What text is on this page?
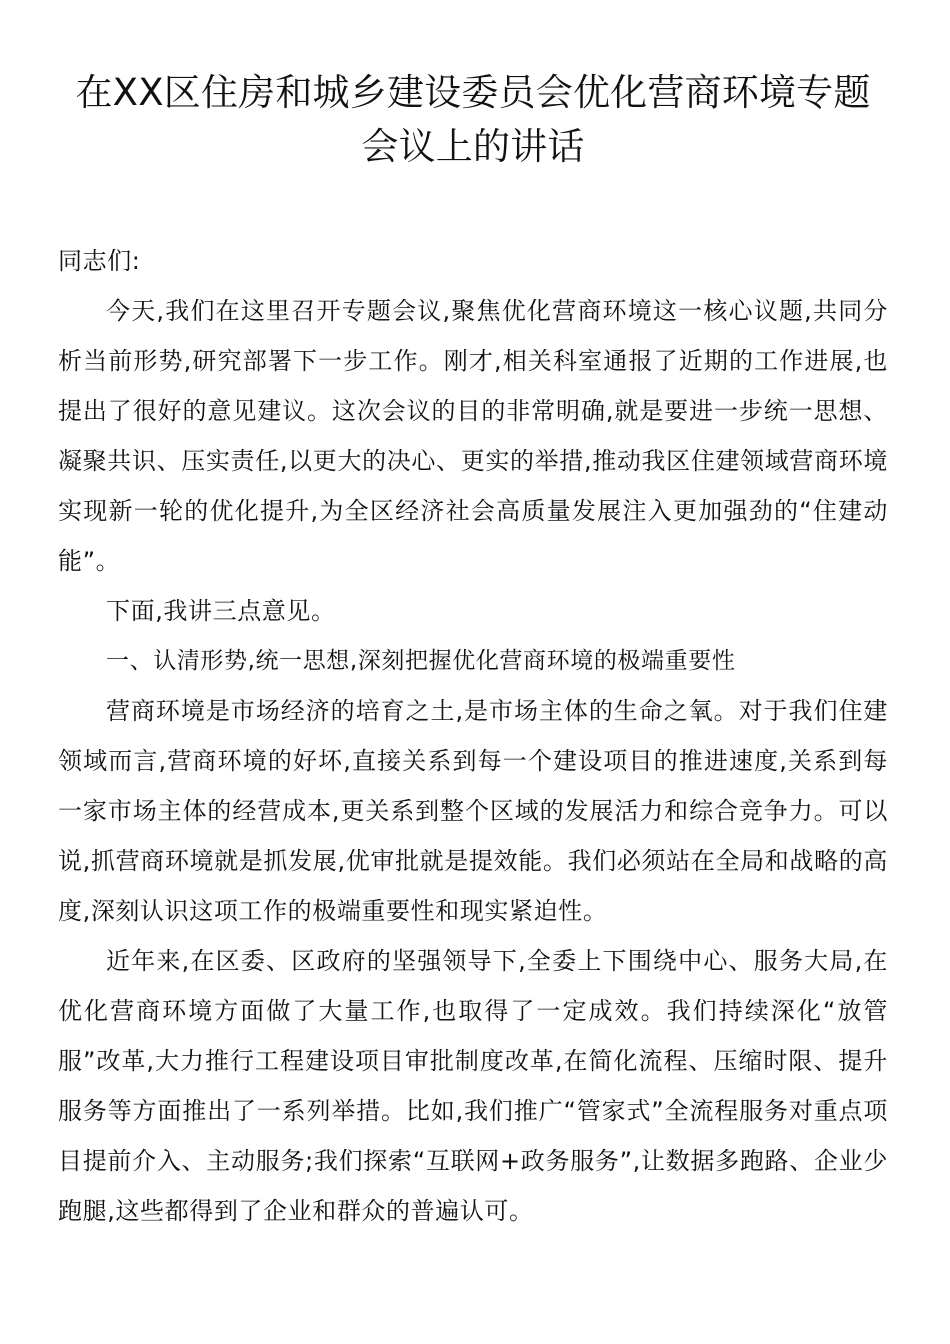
在XX区住房和城乡建设委员会优化营商环境专题会议上的讲话

同志们:

今天,我们在这里召开专题会议,聚焦优化营商环境这一核心议题,共同分析当前形势,研究部署下一步工作。刚才,相关科室通报了近期的工作进展,也提出了很好的意见建议。这次会议的目的非常明确,就是要进一步统一思想、凝聚共识、压实责任,以更大的决心、更实的举措,推动我区住建领域营商环境实现新一轮的优化提升,为全区经济社会高质量发展注入更加强劲的“住建动能”。

下面,我讲三点意见。

一、认清形势,统一思想,深刻把握优化营商环境的极端重要性

营商环境是市场经济的培育之土,是市场主体的生命之氧。对于我们住建领域而言,营商环境的好坏,直接关系到每一个建设项目的推进速度,关系到每一家市场主体的经营成本,更关系到整个区域的发展活力和综合竞争力。可以说,抓营商环境就是抓发展,优审批就是提效能。我们必须站在全局和战略的高度,深刻认识这项工作的极端重要性和现实紧迫性。

近年来,在区委、区政府的坚强领导下,全委上下围绕中心、服务大局,在优化营商环境方面做了大量工作,也取得了一定成效。我们持续深化“放管服”改革,大力推行工程建设项目审批制度改革,在简化流程、压缩时限、提升服务等方面推出了一系列举措。比如,我们推广“管家式”全流程服务对重点项目提前介入、主动服务;我们探索“互联网+政务服务”,让数据多跑路、企业少跑腿,这些都得到了企业和群众的普遍认可。
